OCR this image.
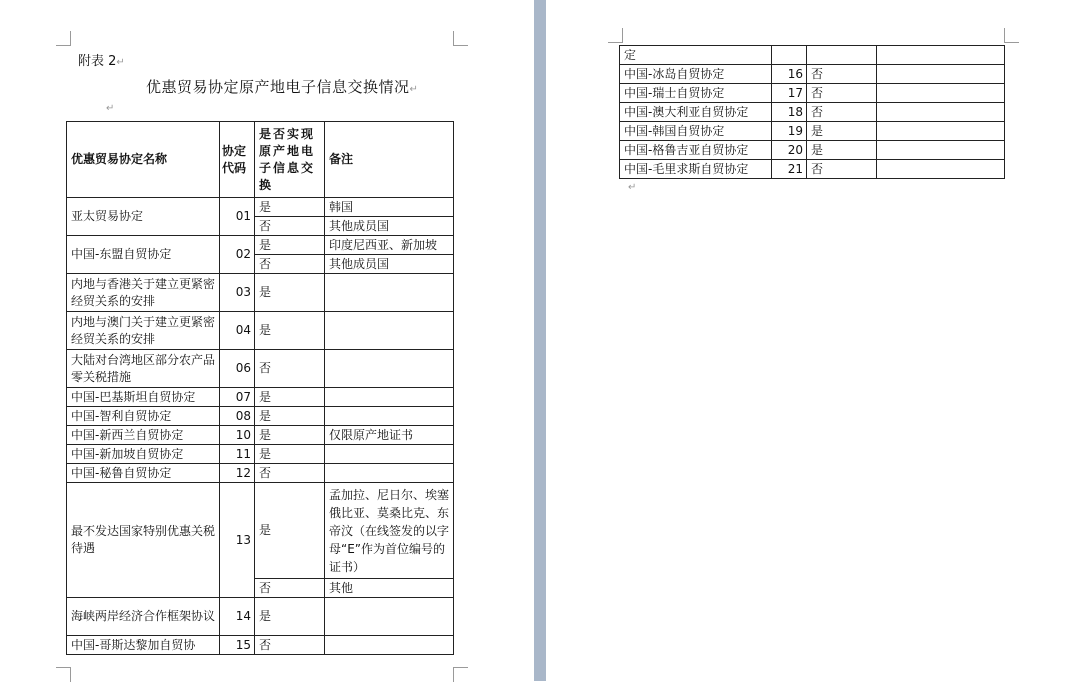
附表 2↵
优惠贸易协定原产地电子信息交换情况↵
↵
优惠贸易协定名称	协定代码	是否实现原产地电子信息交换	备注
亚太贸易协定	01	是	韩国
		否	其他成员国
中国-东盟自贸协定	02	是	印度尼西亚、新加坡
		否	其他成员国
内地与香港关于建立更紧密经贸关系的安排	03	是	
内地与澳门关于建立更紧密经贸关系的安排	04	是	
大陆对台湾地区部分农产品零关税措施	06	否	
中国-巴基斯坦自贸协定	07	是	
中国-智利自贸协定	08	是	
中国-新西兰自贸协定	10	是	仅限原产地证书
中国-新加坡自贸协定	11	是	
中国-秘鲁自贸协定	12	否	
最不发达国家特别优惠关税待遇	13	是	孟加拉、尼日尔、埃塞俄比亚、莫桑比克、东帝汶（在线签发的以字母“E”作为首位编号的证书）
		否	其他
海峡两岸经济合作框架协议	14	是	
中国-哥斯达黎加自贸协	15	否	
↵
定			
中国-冰岛自贸协定	16	否	
中国-瑞士自贸协定	17	否	
中国-澳大利亚自贸协定	18	否	
中国-韩国自贸协定	19	是	
中国-格鲁吉亚自贸协定	20	是	
中国-毛里求斯自贸协定	21	否	
